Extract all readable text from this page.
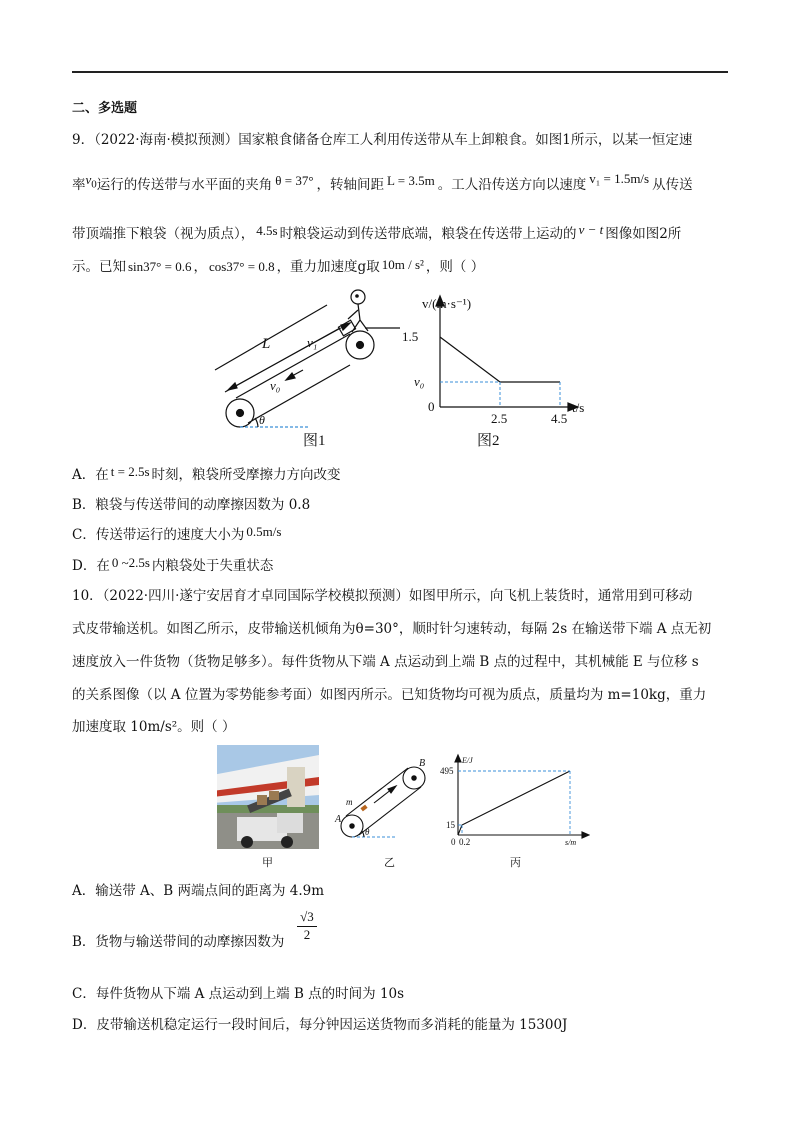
二、多选题
9．（2022·海南·模拟预测）国家粮食储备仓库工人利用传送带从车上卸粮食。如图1所示，以某一恒定速
率$v_0$运行的传送带与水平面的夹角 θ = 37° ，转轴间距 L = 3.5m 。工人沿传送方向以速度 v₁ = 1.5m/s 从传送
带顶端推下粮袋（视为质点）， 4.5s 时粮袋运动到传送带底端，粮袋在传送带上运动的 v − t 图像如图2所
示。已知 sin37° = 0.6 ， cos37° = 0.8 ，重力加速度g取 10m / s² ，则（ ）
L	v₁
v₀
θ
图1
v/(m·s⁻¹)
1.5
v₀
0
2.5	4.5
t/s
图2
A．在 t = 2.5s 时刻，粮袋所受摩擦力方向改变
B．粮袋与传送带间的动摩擦因数为 0.8
C．传送带运行的速度大小为 0.5m/s
D．在 0 ~2.5s 内粮袋处于失重状态
10．（2022·四川·遂宁安居育才卓同国际学校模拟预测）如图甲所示，向飞机上装货时，通常用到可移动
式皮带输送机。如图乙所示，皮带输送机倾角为θ=30°，顺时针匀速转动，每隔 2s 在输送带下端 A 点无初
速度放入一件货物（货物足够多）。每件货物从下端 A 点运动到上端 B 点的过程中，其机械能 E 与位移 s
的关系图像（以 A 位置为零势能参考面）如图丙所示。已知货物均可视为质点，质量均为 m=10kg，重力
加速度取 10m/s²。则（ ）
甲
m
A
B
θ
乙
E/J
495
15
0 0.2	s/m
丙
A．输送带 A、B 两端点间的距离为 4.9m
B．货物与输送带间的动摩擦因数为 $\frac{√3}{2}$
C．每件货物从下端 A 点运动到上端 B 点的时间为 10s
D．皮带输送机稳定运行一段时间后，每分钟因运送货物而多消耗的能量为 15300J
